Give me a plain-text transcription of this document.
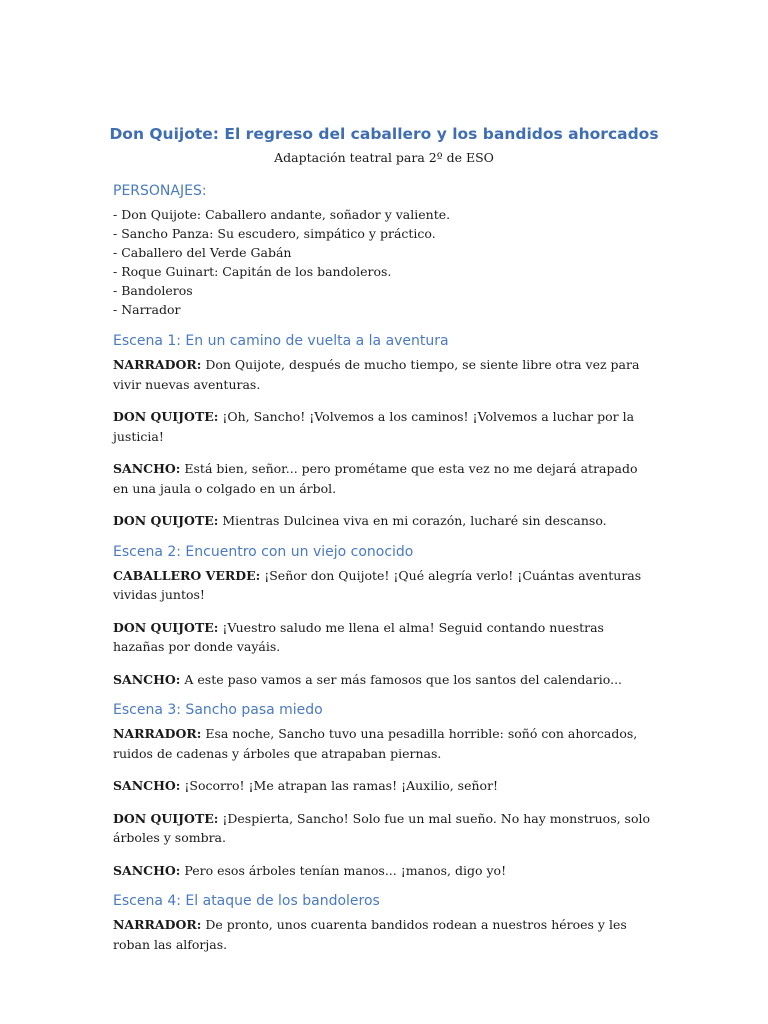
Don Quijote: El regreso del caballero y los bandidos ahorcados

Adaptación teatral para 2º de ESO

PERSONAJES:
- Don Quijote: Caballero andante, soñador y valiente.
- Sancho Panza: Su escudero, simpático y práctico.
- Caballero del Verde Gabán
- Roque Guinart: Capitán de los bandoleros.
- Bandoleros
- Narrador
Escena 1: En un camino de vuelta a la aventura

NARRADOR: Don Quijote, después de mucho tiempo, se siente libre otra vez para vivir nuevas aventuras.

DON QUIJOTE: ¡Oh, Sancho! ¡Volvemos a los caminos! ¡Volvemos a luchar por la justicia!

SANCHO: Está bien, señor... pero prométame que esta vez no me dejará atrapado en una jaula o colgado en un árbol.

DON QUIJOTE: Mientras Dulcinea viva en mi corazón, lucharé sin descanso.

Escena 2: Encuentro con un viejo conocido

CABALLERO VERDE: ¡Señor don Quijote! ¡Qué alegría verlo! ¡Cuántas aventuras vividas juntos!

DON QUIJOTE: ¡Vuestro saludo me llena el alma! Seguid contando nuestras hazañas por donde vayáis.

SANCHO: A este paso vamos a ser más famosos que los santos del calendario...

Escena 3: Sancho pasa miedo

NARRADOR: Esa noche, Sancho tuvo una pesadilla horrible: soñó con ahorcados, ruidos de cadenas y árboles que atrapaban piernas.

SANCHO: ¡Socorro! ¡Me atrapan las ramas! ¡Auxilio, señor!

DON QUIJOTE: ¡Despierta, Sancho! Solo fue un mal sueño. No hay monstruos, solo árboles y sombra.

SANCHO: Pero esos árboles tenían manos... ¡manos, digo yo!

Escena 4: El ataque de los bandoleros

NARRADOR: De pronto, unos cuarenta bandidos rodean a nuestros héroes y les roban las alforjas.
